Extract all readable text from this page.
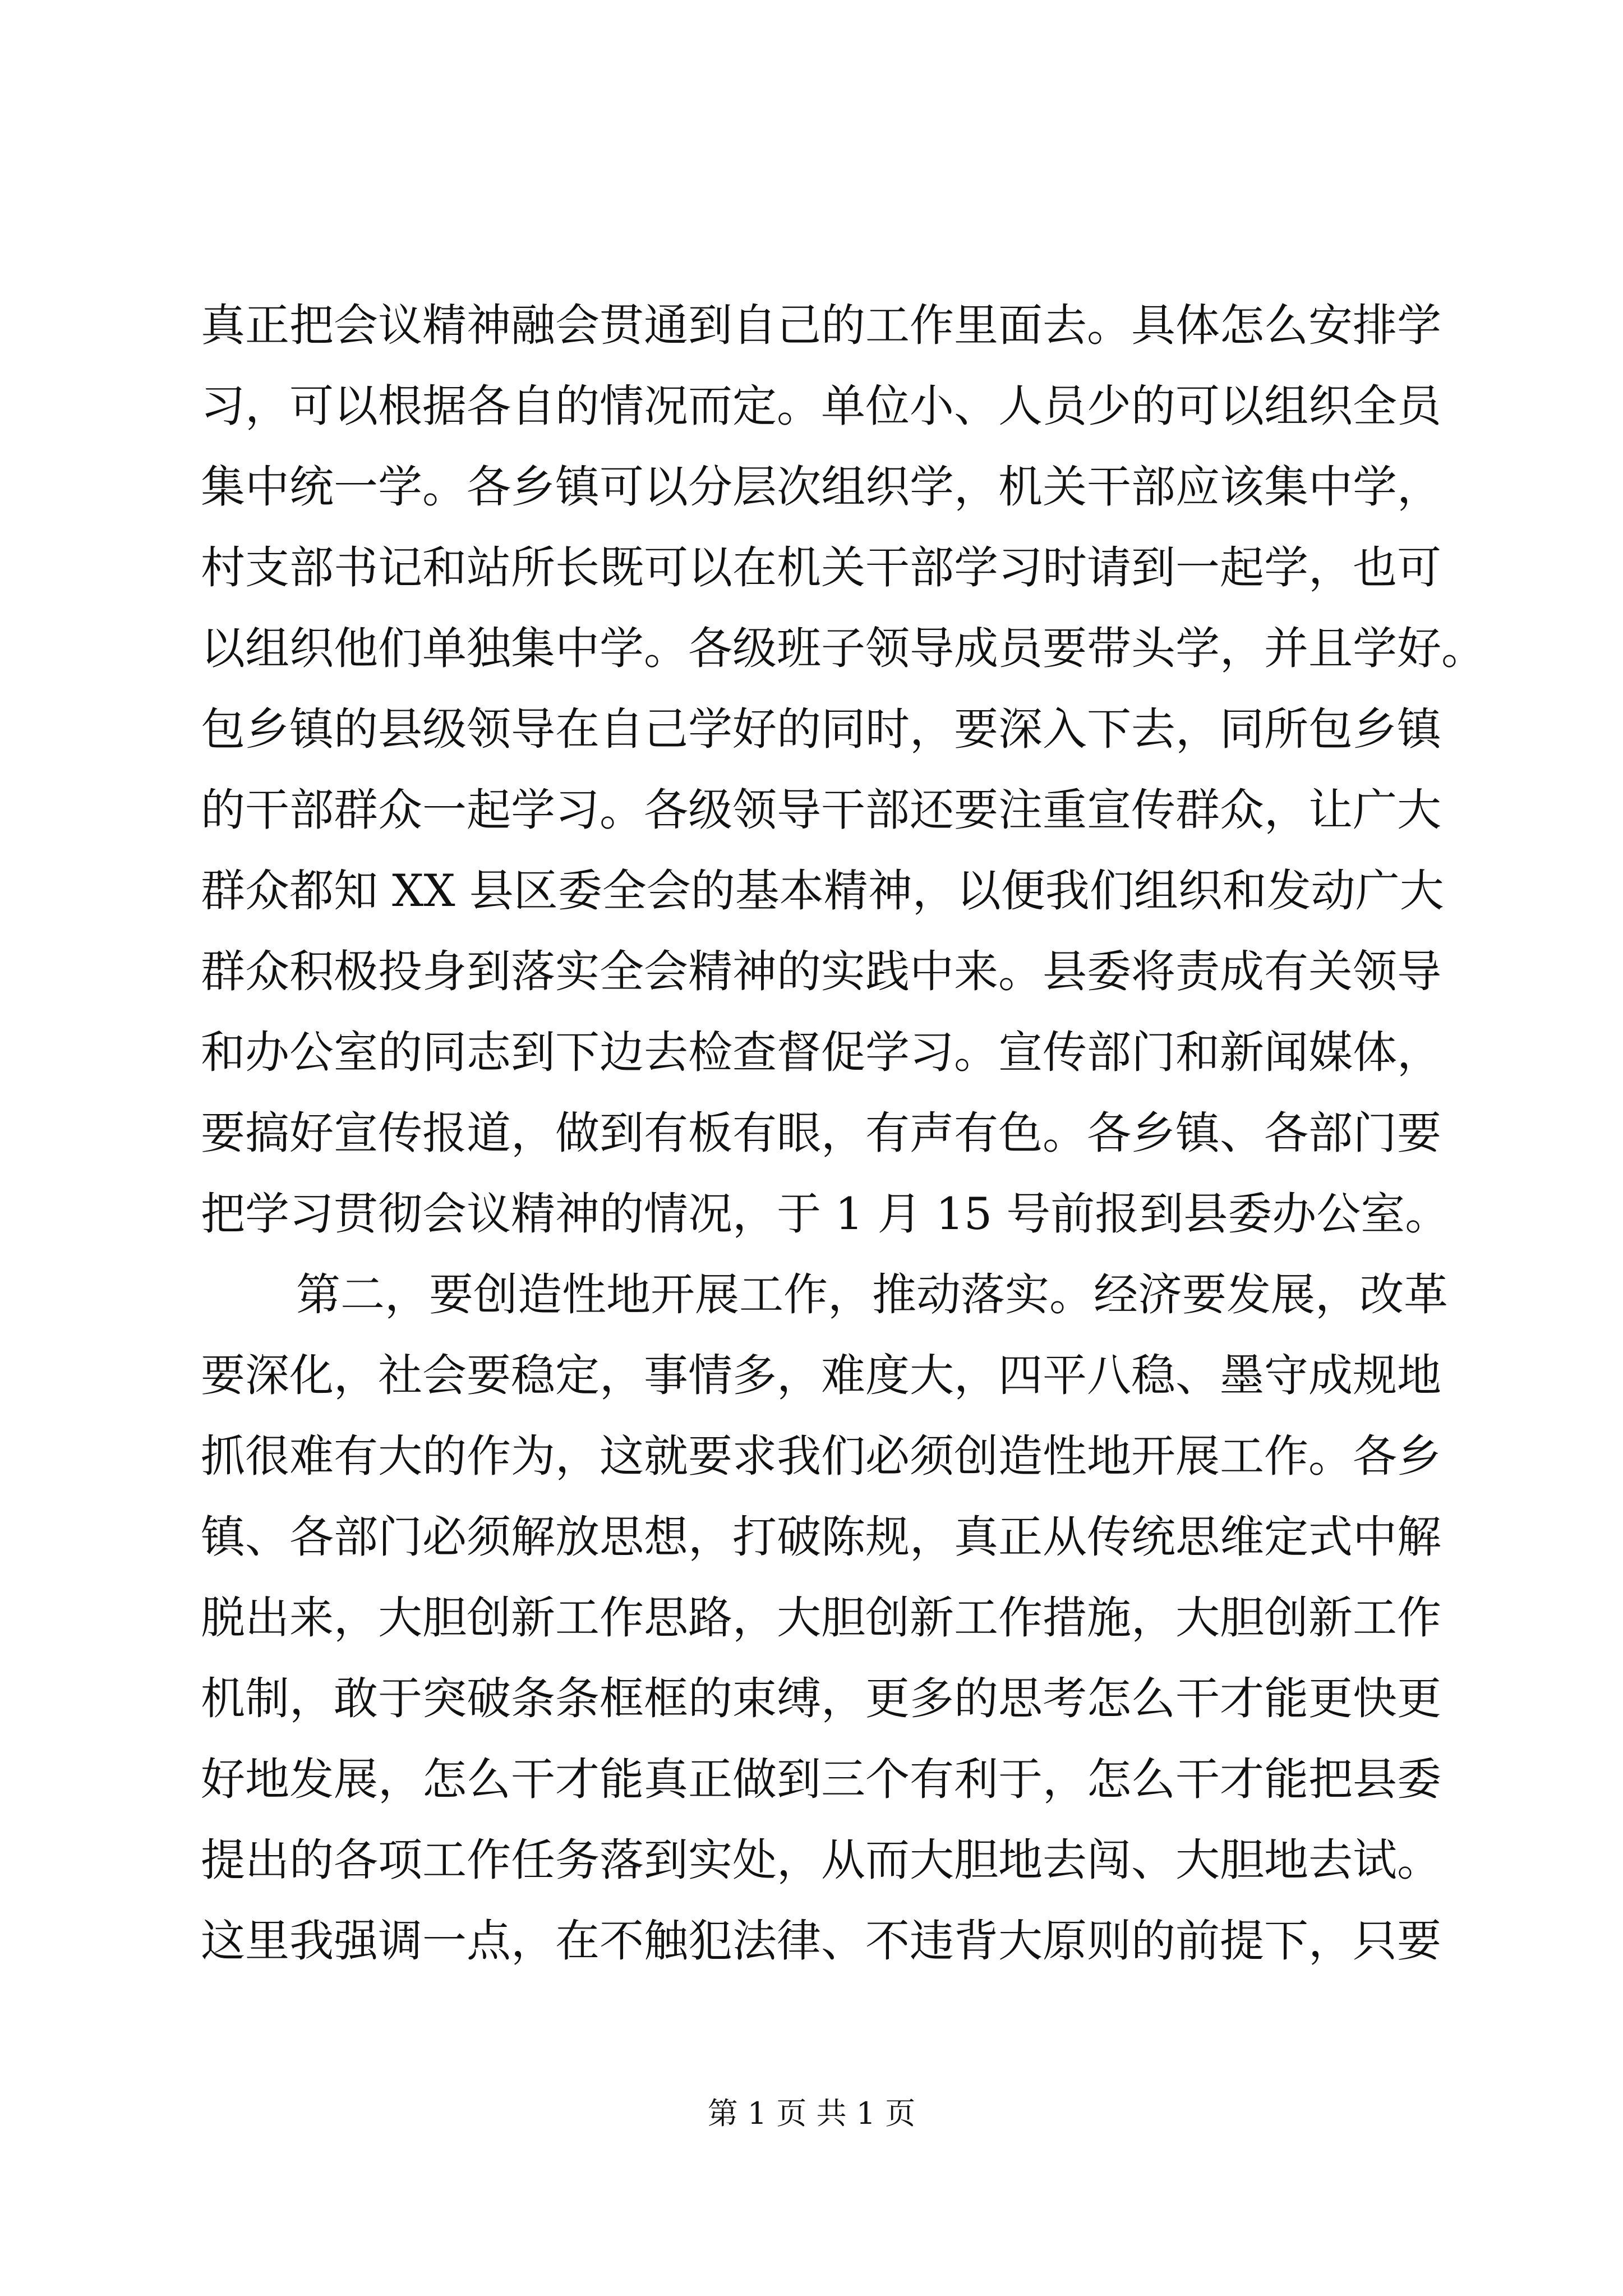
真正把会议精神融会贯通到自己的工作里面去。具体怎么安排学
习，可以根据各自的情况而定。单位小、人员少的可以组织全员
集中统一学。各乡镇可以分层次组织学，机关干部应该集中学，
村支部书记和站所长既可以在机关干部学习时请到一起学，也可
以组织他们单独集中学。各级班子领导成员要带头学，并且学好。
包乡镇的县级领导在自己学好的同时，要深入下去，同所包乡镇
的干部群众一起学习。各级领导干部还要注重宣传群众，让广大
群众都知 XX 县区委全会的基本精神，以便我们组织和发动广大
群众积极投身到落实全会精神的实践中来。县委将责成有关领导
和办公室的同志到下边去检查督促学习。宣传部门和新闻媒体，
要搞好宣传报道，做到有板有眼，有声有色。各乡镇、各部门要
把学习贯彻会议精神的情况，于 1 月 15 号前报到县委办公室。
第二，要创造性地开展工作，推动落实。经济要发展，改革
要深化，社会要稳定，事情多，难度大，四平八稳、墨守成规地
抓很难有大的作为，这就要求我们必须创造性地开展工作。各乡
镇、各部门必须解放思想，打破陈规，真正从传统思维定式中解
脱出来，大胆创新工作思路，大胆创新工作措施，大胆创新工作
机制，敢于突破条条框框的束缚，更多的思考怎么干才能更快更
好地发展，怎么干才能真正做到三个有利于，怎么干才能把县委
提出的各项工作任务落到实处，从而大胆地去闯、大胆地去试。
这里我强调一点，在不触犯法律、不违背大原则的前提下，只要
第 1 页 共 1 页
